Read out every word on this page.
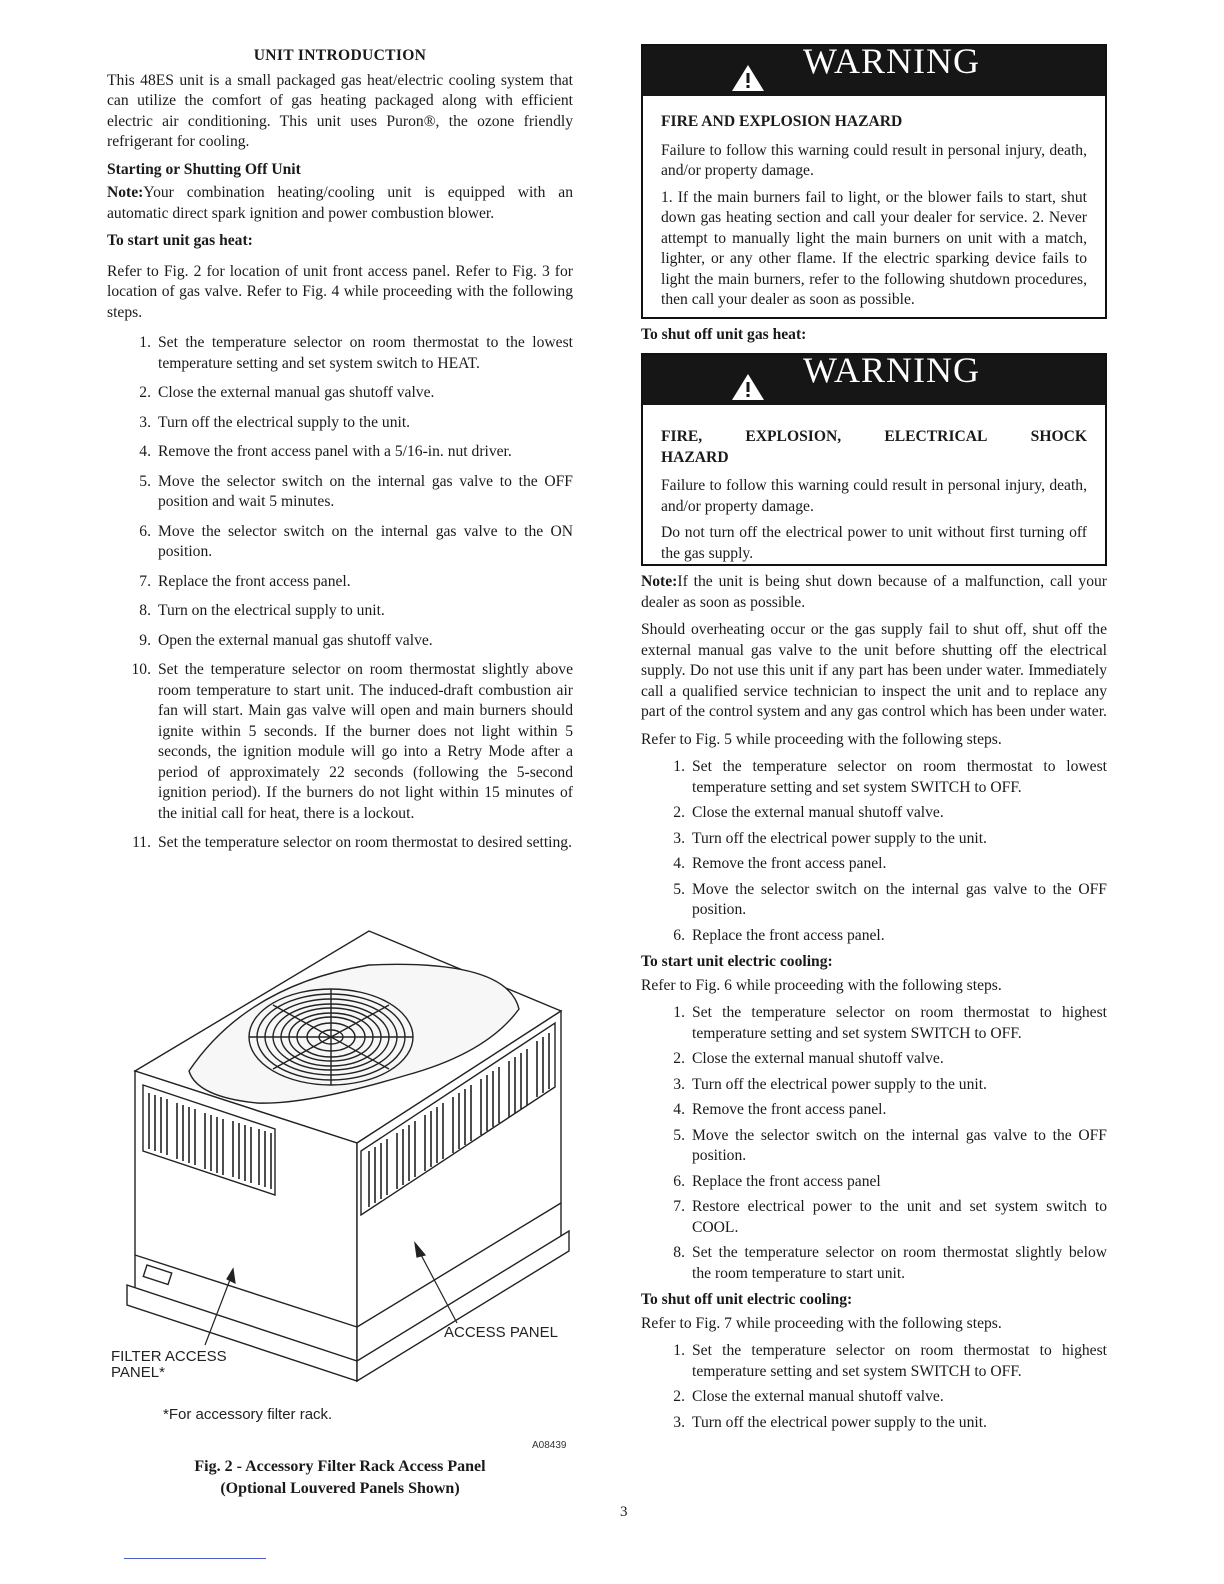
UNIT INTRODUCTION

This 48ES unit is a small packaged gas heat/electric cooling system that can utilize the comfort of gas heating packaged along with efficient electric air conditioning. This unit uses Puron®, the ozone friendly refrigerant for cooling.

Starting or Shutting Off Unit

Note:Your combination heating/cooling unit is equipped with an automatic direct spark ignition and power combustion blower.

To start unit gas heat:

Refer to Fig. 2 for location of unit front access panel. Refer to Fig. 3 for location of gas valve. Refer to Fig. 4 while proceeding with the following steps.

1. Set the temperature selector on room thermostat to the lowest temperature setting and set system switch to HEAT.
2. Close the external manual gas shutoff valve.
3. Turn off the electrical supply to the unit.
4. Remove the front access panel with a 5/16-in. nut driver.
5. Move the selector switch on the internal gas valve to the OFF position and wait 5 minutes.
6. Move the selector switch on the internal gas valve to the ON position.
7. Replace the front access panel.
8. Turn on the electrical supply to unit.
9. Open the external manual gas shutoff valve.
10. Set the temperature selector on room thermostat slightly above room temperature to start unit. The induced-draft combustion air fan will start. Main gas valve will open and main burners should ignite within 5 seconds. If the burner does not light within 5 seconds, the ignition module will go into a Retry Mode after a period of approximately 22 seconds (following the 5-second ignition period). If the burners do not light within 15 minutes of the initial call for heat, there is a lockout.
11. Set the temperature selector on room thermostat to desired setting.
ACCESS PANEL
FILTER ACCESS
PANEL*
*For accessory filter rack.
A08439
Fig. 2 - Accessory Filter Rack Access Panel
(Optional Louvered Panels Shown)
WARNING
FIRE AND EXPLOSION HAZARD

Failure to follow this warning could result in personal injury, death, and/or property damage.

1. If the main burners fail to light, or the blower fails to start, shut down gas heating section and call your dealer for service. 2. Never attempt to manually light the main burners on unit with a match, lighter, or any other flame. If the electric sparking device fails to light the main burners, refer to the following shutdown procedures, then call your dealer as soon as possible.

To shut off unit gas heat:
WARNING
FIRE,	EXPLOSION,	ELECTRICAL	SHOCK
HAZARD

Failure to follow this warning could result in personal injury, death, and/or property damage.

Do not turn off the electrical power to unit without first turning off the gas supply.

Note:If the unit is being shut down because of a malfunction, call your dealer as soon as possible.

Should overheating occur or the gas supply fail to shut off, shut off the external manual gas valve to the unit before shutting off the electrical supply. Do not use this unit if any part has been under water. Immediately call a qualified service technician to inspect the unit and to replace any part of the control system and any gas control which has been under water.

Refer to Fig. 5 while proceeding with the following steps.

1. Set the temperature selector on room thermostat to lowest temperature setting and set system SWITCH to OFF.
2. Close the external manual shutoff valve.
3. Turn off the electrical power supply to the unit.
4. Remove the front access panel.
5. Move the selector switch on the internal gas valve to the OFF position.
6. Replace the front access panel.
To start unit electric cooling:

Refer to Fig. 6 while proceeding with the following steps.

1. Set the temperature selector on room thermostat to highest temperature setting and set system SWITCH to OFF.
2. Close the external manual shutoff valve.
3. Turn off the electrical power supply to the unit.
4. Remove the front access panel.
5. Move the selector switch on the internal gas valve to the OFF position.
6. Replace the front access panel
7. Restore electrical power to the unit and set system switch to COOL.
8. Set the temperature selector on room thermostat slightly below the room temperature to start unit.
To shut off unit electric cooling:

Refer to Fig. 7 while proceeding with the following steps.

1. Set the temperature selector on room thermostat to highest temperature setting and set system SWITCH to OFF.
2. Close the external manual shutoff valve.
3. Turn off the electrical power supply to the unit.
3
